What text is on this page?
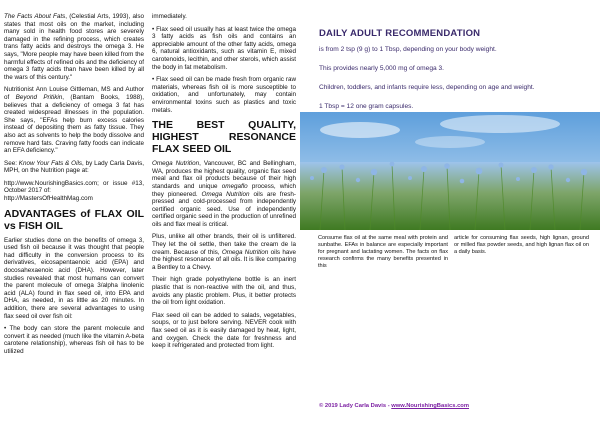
The Facts About Fats, (Celestial Arts, 1993), also states that most oils on the market, including many sold in health food stores are severely damaged in the refining process, which creates trans fatty acids and destroys the omega 3. He says, "More people may have been killed from the harmful effects of refined oils and the deficiency of omega 3 fatty acids than have been killed by all the wars of this century."

Nutritionist Ann Louise Gittleman, MS and Author of Beyond Pritikin, (Bantam Books, 1988), believes that a deficiency of omega 3 fat has created widespread illnesses in the population. She says, "EFAs help burn excess calories instead of depositing them as fatty tissue. They also act as solvents to help the body dissolve and remove hard fats. Craving fatty foods can indicate an EFA deficiency."

See: Know Your Fats & Oils, by Lady Carla Davis, MPH, on the Nutrition page at:

http://www.NourishingBasics.com; or issue #13, October 2017 of:

http://MastersOfHealthMag.com

ADVANTAGES of FLAX OIL vs FISH OIL

Earlier studies done on the benefits of omega 3, used fish oil because it was thought that people had difficulty in the conversion process to its derivatives, eicosapentaenoic acid (EPA) and docosahexaenoic acid (DHA). However, later studies revealed that most humans can convert the parent molecule of omega 3/alpha linolenic acid (ALA) found in flax seed oil, into EPA and DHA, as needed, in as little as 20 minutes. In addition, there are several advantages to using flax seed oil over fish oil:

• The body can store the parent molecule and convert it as needed (much like the vitamin A-beta carotene relationship), whereas fish oil has to be utilized

immediately.

• Flax seed oil usually has at least twice the omega 3 fatty acids as fish oils and contains an appreciable amount of the other fatty acids, omega 6, natural antioxidants, such as vitamin E, mixed carotenoids, lecithin, and other sterols, which assist the body in fat metabolism.

• Flax seed oil can be made fresh from organic raw materials, whereas fish oil is more susceptible to oxidation, and unfortunately, may contain environmental toxins such as plastics and toxic metals.

THE BEST QUALITY, HIGHEST RESONANCE FLAX SEED OIL

Omega Nutrition, Vancouver, BC and Bellingham, WA, produces the highest quality, organic flax seed meal and flax oil products because of their high standards and unique omegaflo process, which they pioneered. Omega Nutrition oils are fresh-pressed and cold-processed from independently certified organic seed. Use of independently certified organic seed in the production of unrefined oils and flax meal is critical.

Plus, unlike all other brands, their oil is unfiltered. They let the oil settle, then take the cream de la cream. Because of this, Omega Nutrition oils have the highest resonance of all oils. It is like comparing a Bentley to a Chevy.

Their high grade polyethylene bottle is an inert plastic that is non-reactive with the oil, and thus, avoids any plastic problem. Plus, it better protects the oil from light oxidation.

Flax seed oil can be added to salads, vegetables, soups, or to just before serving. NEVER cook with flax seed oil as it is easily damaged by heat, light, and oxygen. Check the date for freshness and keep it refrigerated and protected from light.

DAILY ADULT RECOMMENDATION
is from 2 tsp (9 g) to 1 Tbsp, depending on your body weight.
This provides nearly 5,000 mg of omega 3.
Children, toddlers, and infants require less, depending on age and weight.
1 Tbsp = 12 one gram capsules.
Consume flax oil at the same meal with protein and sunbathe. EFAs in balance are especially important for pregnant and lactating women. The facts on flax research confirms the many benefits presented in this
article for consuming flax seeds, high lignan, ground or milled flax powder seeds, and high lignan flax oil on a daily basis.
© 2019 Lady Carla Davis - www.NourishingBasics.com
